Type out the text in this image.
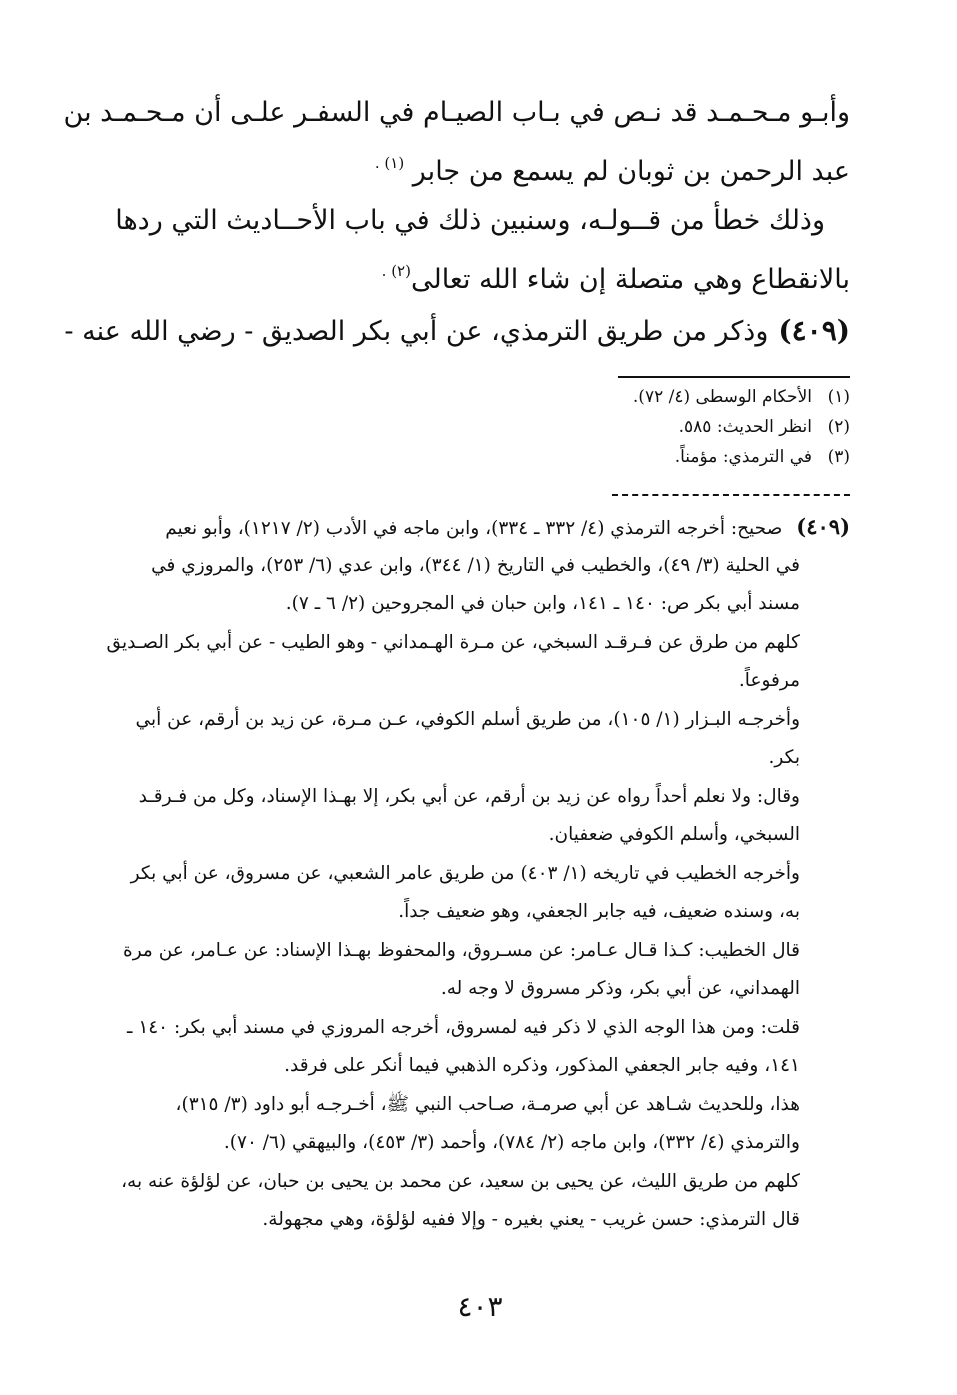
وأبـو مـحـمـد قد نـص في بـاب الصيـام في السفـر علـى أن مـحـمـد بن

عبد الرحمن بن ثوبان لم يسمع من جابر $^{(١) .}$

وذلك خطأ من قــولـه، وسنبين ذلك في باب الأحــاديث التي ردها

بالانقطاع وهي متصلة إن شاء الله تعالى$^{(٢) .}$

(٤٠٩)وذكر من طريق الترمذي، عن أبي بكر الصديق - رضي الله عنه -

(١)الأحكام الوسطى (٤/ ٧٢).
(٢)انظر الحديث: ٥٨٥.
(٣)في الترمذي: مؤمناً.
(٤٠٩)صحيح: أخرجه الترمذي (٤/ ٣٣٢ ـ ٣٣٤)، وابن ماجه في الأدب (٢/ ١٢١٧)، وأبو نعيم
في الحلية (٣/ ٤٩)، والخطيب في التاريخ (١/ ٣٤٤)، وابن عدي (٦/ ٢٥٣)، والمروزي في
مسند أبي بكر ص: ١٤٠ ـ ١٤١، وابن حبان في المجروحين (٢/ ٦ ـ ٧).
كلهم من طرق عن فـرقـد السبخي، عن مـرة الهـمداني - وهو الطيب - عن أبي بكر الصـديق
مرفوعاً.
وأخرجـه البـزار (١/ ١٠٥)، من طريق أسلم الكوفي، عـن مـرة، عن زيد بن أرقم، عن أبي
بكر.
وقال: ولا نعلم أحداً رواه عن زيد بن أرقم، عن أبي بكر، إلا بهـذا الإسناد، وكل من فـرقـد
السبخي، وأسلم الكوفي ضعفيان.
وأخرجه الخطيب في تاريخه (١/ ٤٠٣) من طريق عامر الشعبي، عن مسروق، عن أبي بكر
به، وسنده ضعيف، فيه جابر الجعفي، وهو ضعيف جداً.
قال الخطيب: كـذا قـال عـامر: عن مسـروق، والمحفوظ بهـذا الإسناد: عن عـامر، عن مرة
الهمداني، عن أبي بكر، وذكر مسروق لا وجه له.
قلت: ومن هذا الوجه الذي لا ذكر فيه لمسروق، أخرجه المروزي في مسند أبي بكر: ١٤٠ ـ
١٤١، وفيه جابر الجعفي المذكور، وذكره الذهبي فيما أنكر على فرقد.
هذا، وللحديث شـاهد عن أبي صرمـة، صـاحب النبي ﷺ، أخـرجـه أبو داود (٣/ ٣١٥)،
والترمذي (٤/ ٣٣٢)، وابن ماجه (٢/ ٧٨٤)، وأحمد (٣/ ٤٥٣)، والبيهقي (٦/ ٧٠).
كلهم من طريق الليث، عن يحيى بن سعيد، عن محمد بن يحيى بن حبان، عن لؤلؤة عنه به،
قال الترمذي: حسن غريب - يعني بغيره - وإلا ففيه لؤلؤة، وهي مجهولة.
٤٠٣
